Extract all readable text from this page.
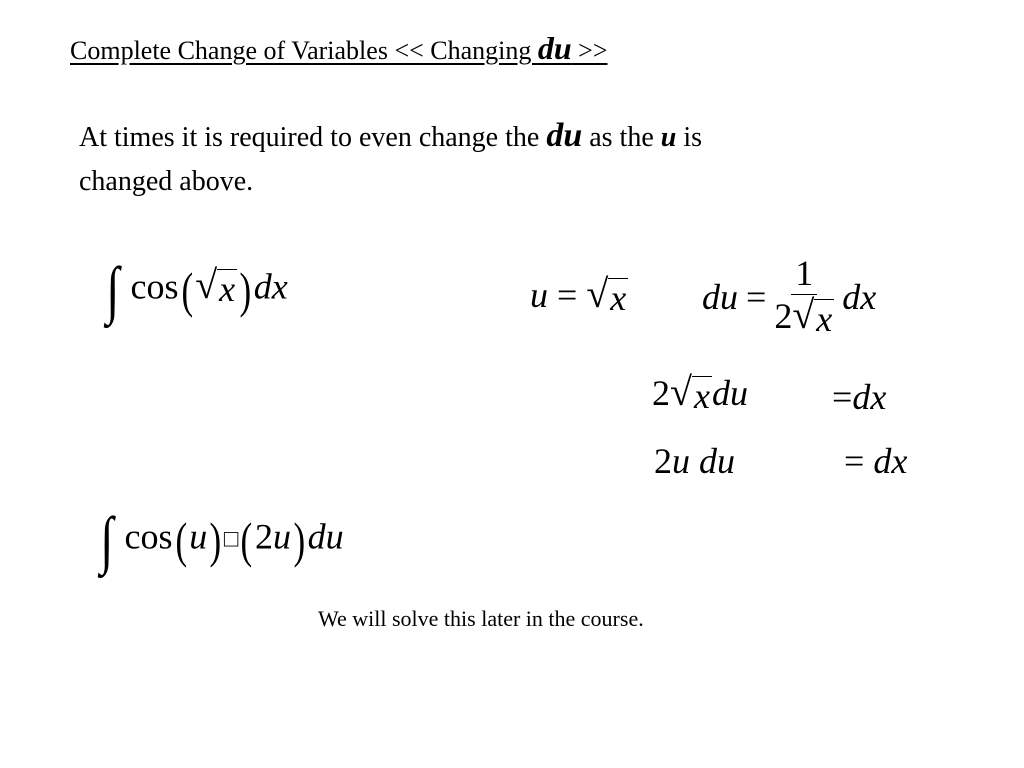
Complete Change of Variables << Changing du >>
At times it is required to even change the du as the u is
changed above.
∫ cos( √ x )dx	u = √ x du = $\frac{1}{2 √ x}$ dx
2 √ x du =dx
2u du	= dx
∫ cos(u) □(2u)du
We will solve this later in the course.
